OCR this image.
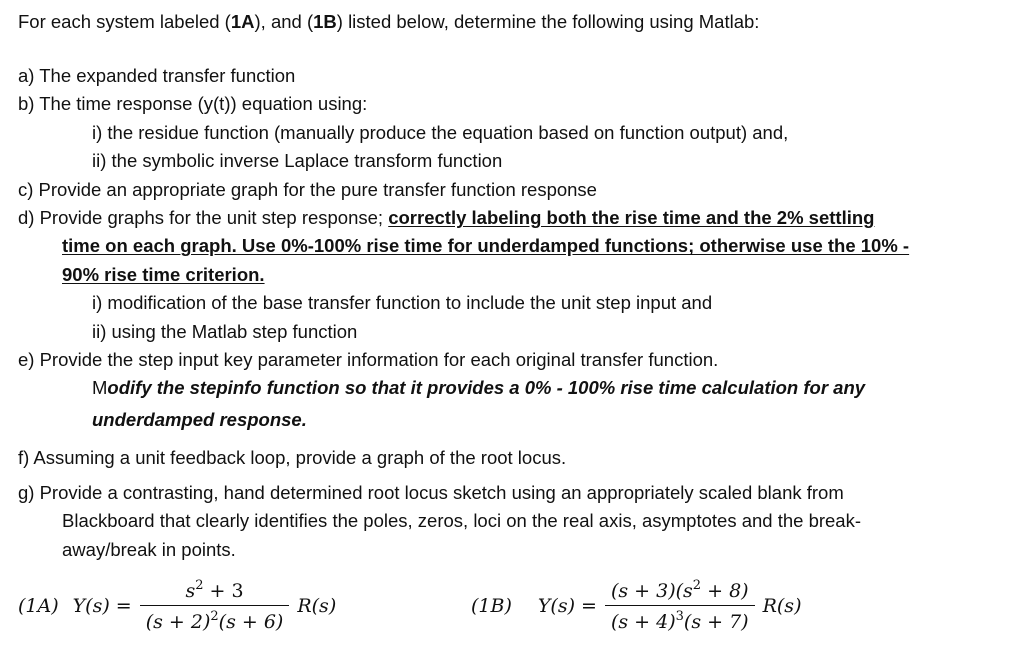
For each system labeled (1A), and (1B) listed below, determine the following using Matlab:
a) The expanded transfer function
b) The time response (y(t)) equation using:
i) the residue function (manually produce the equation based on function output) and,
ii) the symbolic inverse Laplace transform function
c) Provide an appropriate graph for the pure transfer function response
d) Provide graphs for the unit step response; correctly labeling both the rise time and the 2% settling
time on each graph. Use 0%-100% rise time for underdamped functions; otherwise use the 10% -
90% rise time criterion.
i) modification of the base transfer function to include the unit step input and
ii) using the Matlab step function
e) Provide the step input key parameter information for each original transfer function.
Modify the stepinfo function so that it provides a 0% - 100% rise time calculation for any
underdamped response.
f) Assuming a unit feedback loop, provide a graph of the root locus.
g) Provide a contrasting, hand determined root locus sketch using an appropriately scaled blank from
Blackboard that clearly identifies the poles, zeros, loci on the real axis, asymptotes and the break-
away/break in points.
(1A) $Y(s) = \frac{s^2 + 3}{(s + 2)^2(s + 6)} R(s)$	(1B) $Y(s) = \frac{(s + 3)(s^2 + 8)}{(s + 4)^3(s + 7)} R(s)$
